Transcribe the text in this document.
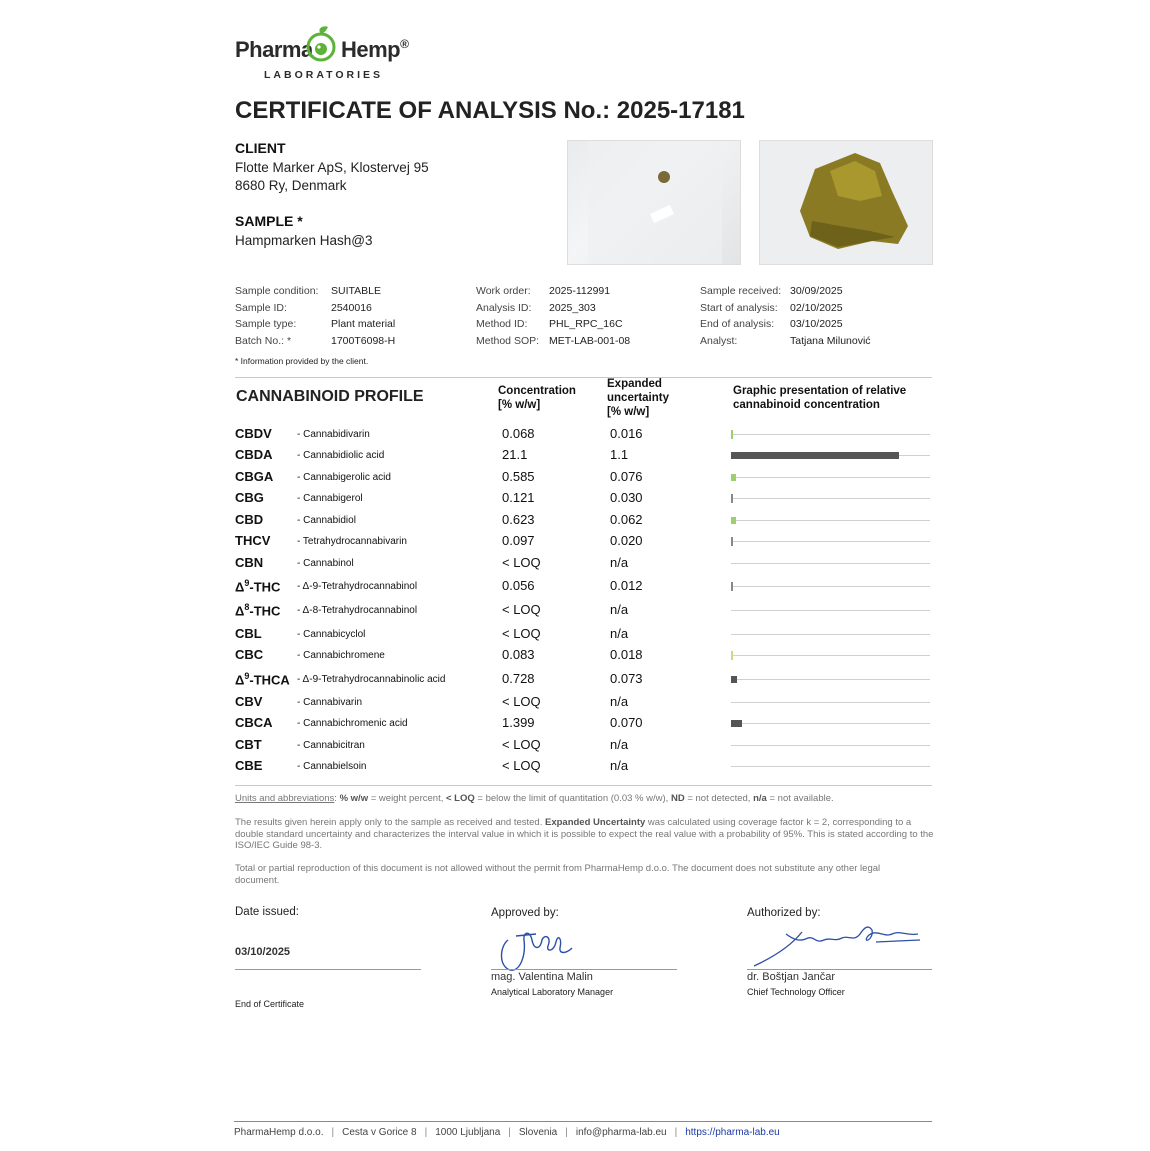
Pharma Hemp®
LABORATORIES
CERTIFICATE OF ANALYSIS No.: 2025-17181
CLIENT
Flotte Marker ApS, Klostervej 95
8680 Ry, Denmark
SAMPLE *
Hampmarken Hash@3
Sample condition: SUITABLE
Sample ID:	2540016
Sample type:	Plant material
Batch No.: *	1700T6098-H
Work order: 2025-112991
Analysis ID: 2025_303
Method ID: PHL_RPC_16C
Method SOP: MET-LAB-001-08
Sample received: 30/09/2025
Start of analysis: 02/10/2025
End of analysis: 03/10/2025
Analyst:	Tatjana Milunović
* Information provided by the client.
CANNABINOID PROFILE	Concentration
[% w/w]
Expanded
uncertainty
[% w/w]
Graphic presentation of relative
cannabinoid concentration
CBDV	- Cannabidivarin	0.068	0.016
CBDA - Cannabidiolic acid	21.1	1.1
CBGA - Cannabigerolic acid	0.585	0.076
CBG	- Cannabigerol	0.121	0.030
CBD	- Cannabidiol	0.623	0.062
THCV	- Tetrahydrocannabivarin	0.097	0.020
CBN	- Cannabinol	< LOQ	n/a
$\Delta^9$-THC - Δ-9-Tetrahydrocannabinol	0.056	0.012
$\Delta^8$-THC - Δ-8-Tetrahydrocannabinol	< LOQ	n/a
CBL	- Cannabicyclol	< LOQ	n/a
CBC	- Cannabichromene	0.083	0.018
$\Delta^9$-THCA - Δ-9-Tetrahydrocannabinolic acid	0.728	0.073
CBV	- Cannabivarin	< LOQ	n/a
CBCA - Cannabichromenic acid	1.399	0.070
CBT	- Cannabicitran	< LOQ	n/a
CBE	- Cannabielsoin	< LOQ	n/a
Units and abbreviations: % w/w = weight percent, < LOQ = below the limit of quantitation (0.03 % w/w), ND = not detected, n/a = not available.
The results given herein apply only to the sample as received and tested. Expanded Uncertainty was calculated using coverage factor k = 2, corresponding to a double standard uncertainty and characterizes the interval value in which it is possible to expect the real value with a probability of 95%. This is stated according to the ISO/IEC Guide 98-3.
Total or partial reproduction of this document is not allowed without the permit from PharmaHemp d.o.o. The document does not substitute any other legal document.
Date issued:
03/10/2025
End of Certificate
Approved by:
mag. Valentina Malin
Analytical Laboratory Manager
Authorized by:
dr. Boštjan Jančar
Chief Technology Officer
PharmaHemp d.o.o. | Cesta v Gorice 8 | 1000 Ljubljana | Slovenia | info@pharma-lab.eu | https://pharma-lab.eu
